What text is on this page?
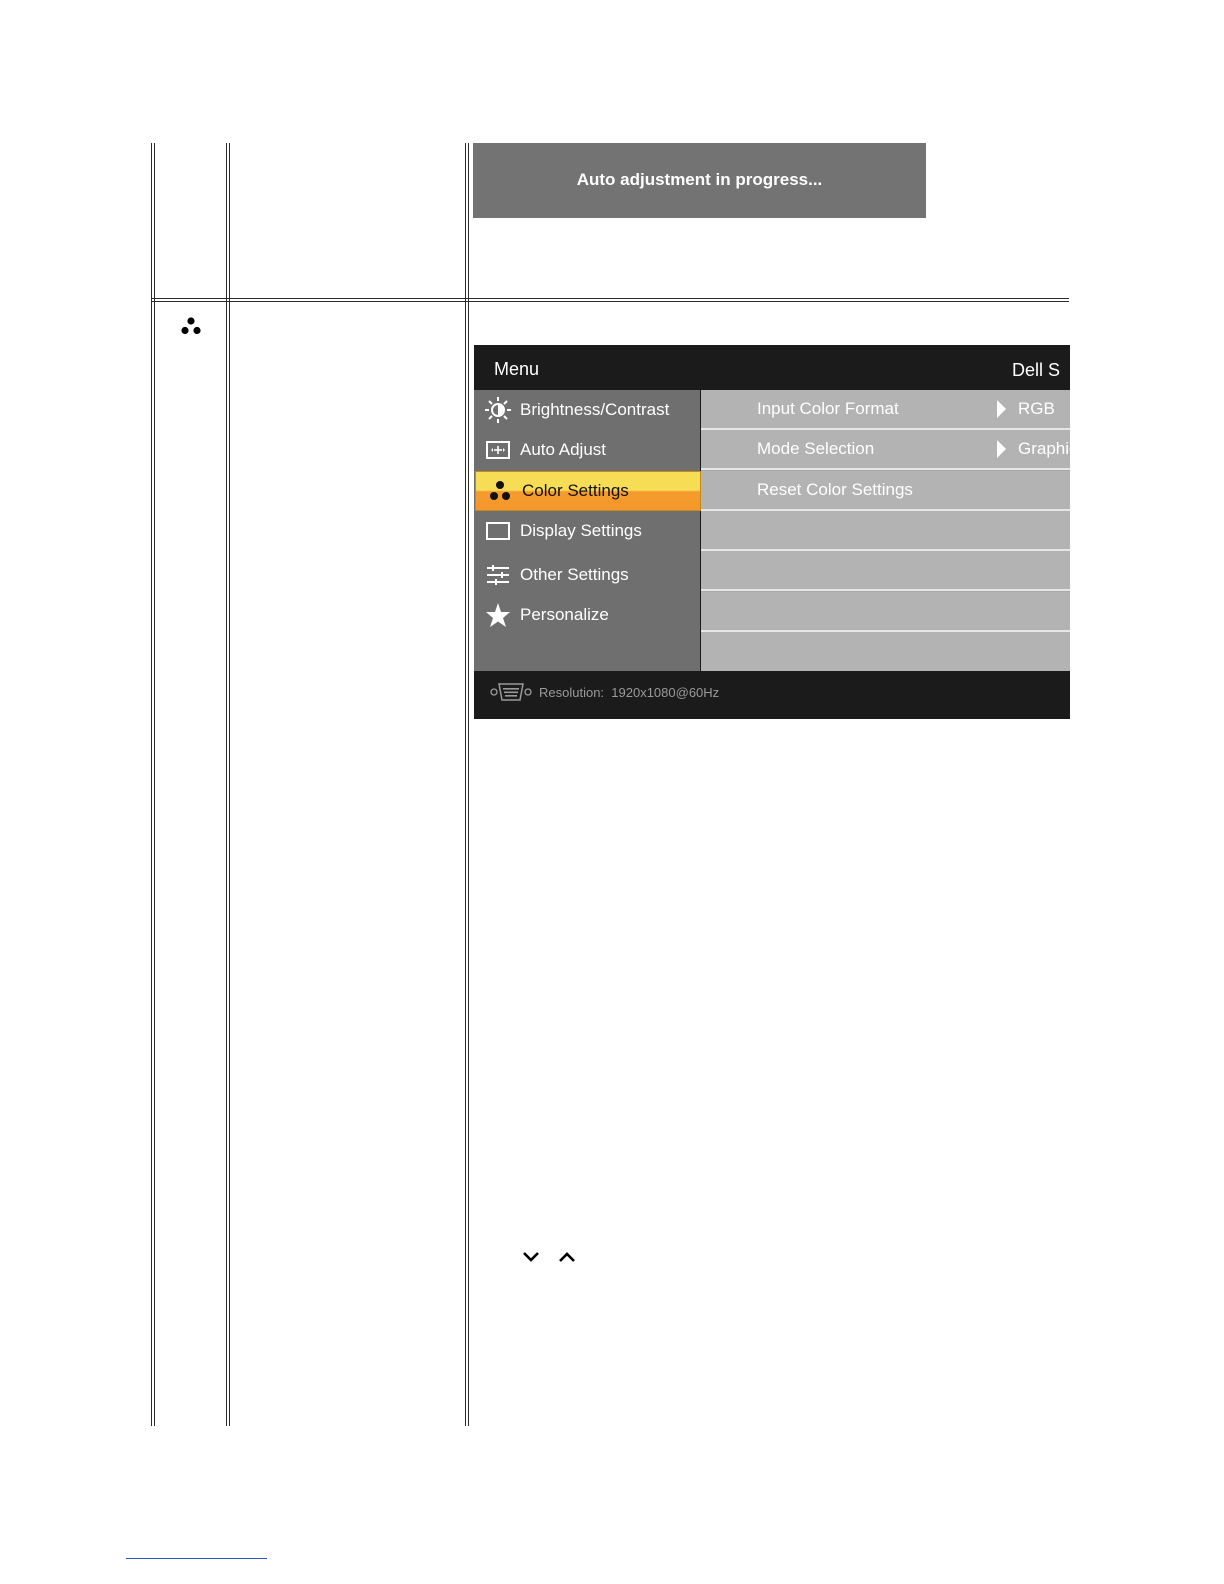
Auto adjustment in progress...
Menu	Dell S
Brightness/Contrast
Auto Adjust
Color Settings
Display Settings
Other Settings
Personalize
Input Color Format	RGB
Mode Selection	Graphic
Reset Color Settings
Resolution: 1920x1080@60Hz
